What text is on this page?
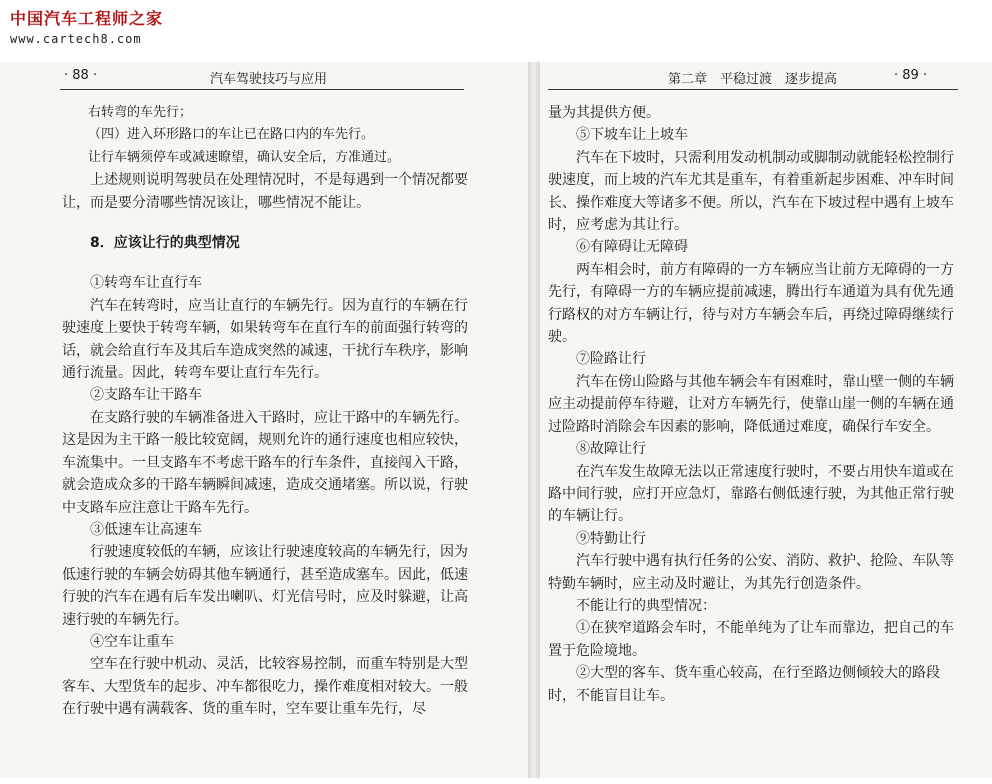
中国汽车工程师之家
www.cartech8.com
· 88 ·	汽车驾驶技巧与应用

右转弯的车先行；

（四）进入环形路口的车让已在路口内的车先行。

让行车辆须停车或减速瞭望，确认安全后，方准通过。

上述规则说明驾驶员在处理情况时，不是每遇到一个情况都要让，而是要分清哪些情况该让，哪些情况不能让。

8．应该让行的典型情况

①转弯车让直行车

汽车在转弯时，应当让直行的车辆先行。因为直行的车辆在行驶速度上要快于转弯车辆，如果转弯车在直行车的前面强行转弯的话，就会给直行车及其后车造成突然的减速，干扰行车秩序，影响通行流量。因此，转弯车要让直行车先行。

②支路车让干路车

在支路行驶的车辆准备进入干路时，应让干路中的车辆先行。这是因为主干路一般比较宽阔，规则允许的通行速度也相应较快，车流集中。一旦支路车不考虑干路车的行车条件，直接闯入干路，就会造成众多的干路车辆瞬间减速，造成交通堵塞。所以说，行驶中支路车应注意让干路车先行。

③低速车让高速车

行驶速度较低的车辆，应该让行驶速度较高的车辆先行，因为低速行驶的车辆会妨碍其他车辆通行，甚至造成塞车。因此，低速行驶的汽车在遇有后车发出喇叭、灯光信号时，应及时躲避，让高速行驶的车辆先行。

④空车让重车

空车在行驶中机动、灵活，比较容易控制，而重车特别是大型客车、大型货车的起步、冲车都很吃力，操作难度相对较大。一般在行驶中遇有满载客、货的重车时，空车要让重车先行，尽

第二章　平稳过渡　逐步提高	· 89 ·

量为其提供方便。

⑤下坡车让上坡车

汽车在下坡时，只需利用发动机制动或脚制动就能轻松控制行驶速度，而上坡的汽车尤其是重车，有着重新起步困难、冲车时间长、操作难度大等诸多不便。所以，汽车在下坡过程中遇有上坡车时，应考虑为其让行。

⑥有障碍让无障碍

两车相会时，前方有障碍的一方车辆应当让前方无障碍的一方先行，有障碍一方的车辆应提前减速，腾出行车通道为具有优先通行路权的对方车辆让行，待与对方车辆会车后，再绕过障碍继续行驶。

⑦险路让行

汽车在傍山险路与其他车辆会车有困难时，靠山壁一侧的车辆应主动提前停车待避，让对方车辆先行，使靠山崖一侧的车辆在通过险路时消除会车因素的影响，降低通过难度，确保行车安全。

⑧故障让行

在汽车发生故障无法以正常速度行驶时，不要占用快车道或在路中间行驶，应打开应急灯，靠路右侧低速行驶，为其他正常行驶的车辆让行。

⑨特勤让行

汽车行驶中遇有执行任务的公安、消防、救护、抢险、车队等特勤车辆时，应主动及时避让，为其先行创造条件。

不能让行的典型情况：

①在狭窄道路会车时，不能单纯为了让车而靠边，把自己的车置于危险境地。

②大型的客车、货车重心较高，在行至路边侧倾较大的路段时，不能盲目让车。
